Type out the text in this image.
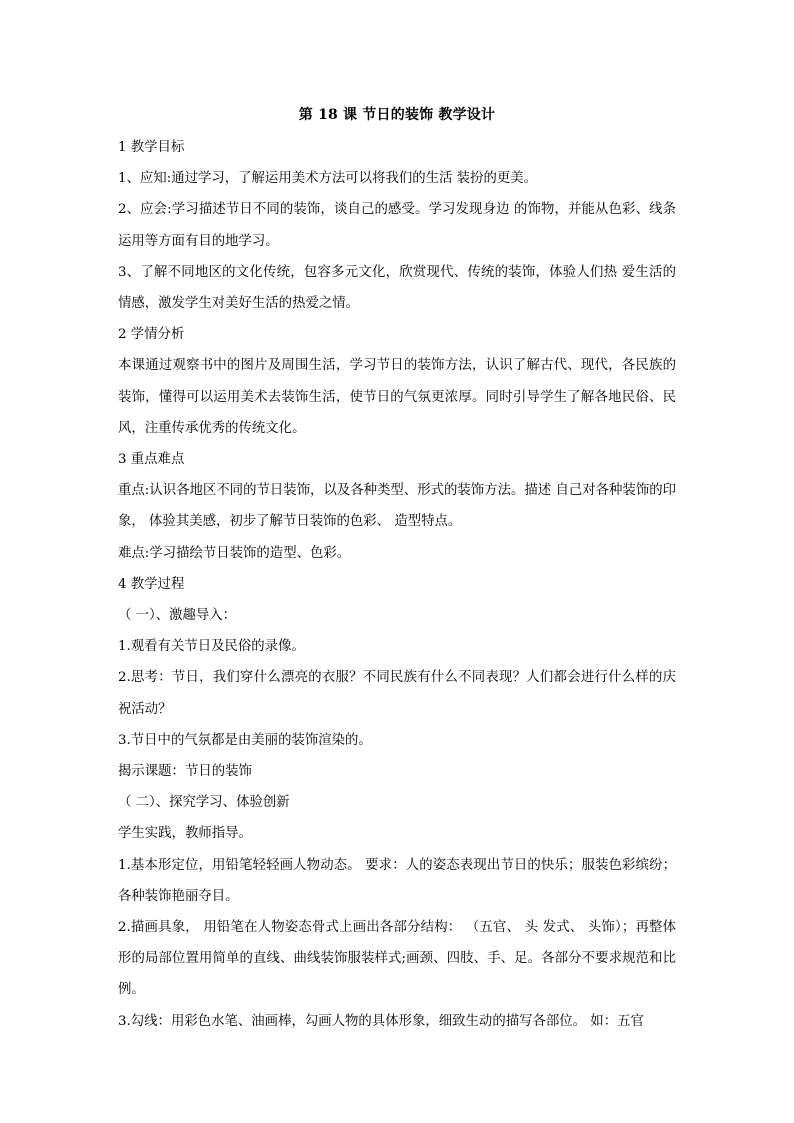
第 18 课 节日的装饰 教学设计

1 教学目标

1、应知:通过学习，了解运用美术方法可以将我们的生活 装扮的更美。

2、应会:学习描述节日不同的装饰，谈自己的感受。学习发现身边 的饰物，并能从色彩、线条运用等方面有目的地学习。

3、了解不同地区的文化传统，包容多元文化，欣赏现代、传统的装饰，体验人们热 爱生活的情感，激发学生对美好生活的热爱之情。

2 学情分析

本课通过观察书中的图片及周围生活，学习节日的装饰方法，认识了解古代、现代，各民族的装饰，懂得可以运用美术去装饰生活，使节日的气氛更浓厚。同时引导学生了解各地民俗、民风，注重传承优秀的传统文化。

3 重点难点

重点:认识各地区不同的节日装饰，以及各种类型、形式的装饰方法。描述 自己对各种装饰的印象， 体验其美感，初步了解节日装饰的色彩、 造型特点。

难点:学习描绘节日装饰的造型、色彩。

4 教学过程

（ 一）、激趣导入：

1.观看有关节日及民俗的录像。

2.思考：节日，我们穿什么漂亮的衣服？不同民族有什么不同表现？人们都会进行什么样的庆祝活动？

3.节日中的气氛都是由美丽的装饰渲染的。

揭示课题：节日的装饰

（ 二）、探究学习、体验创新

学生实践，教师指导。

1.基本形定位，用铅笔轻轻画人物动态。 要求：人的姿态表现出节日的快乐；服装色彩缤纷；各种装饰艳丽夺目。

2.描画具象， 用铅笔在人物姿态骨式上画出各部分结构： （五官、 头 发式、 头饰）；再整体形的局部位置用简单的直线、曲线装饰服装样式;画颈、四肢、手、足。各部分不要求规范和比例。

3.勾线：用彩色水笔、油画棒，勾画人物的具体形象，细致生动的描写各部位。 如：五官
